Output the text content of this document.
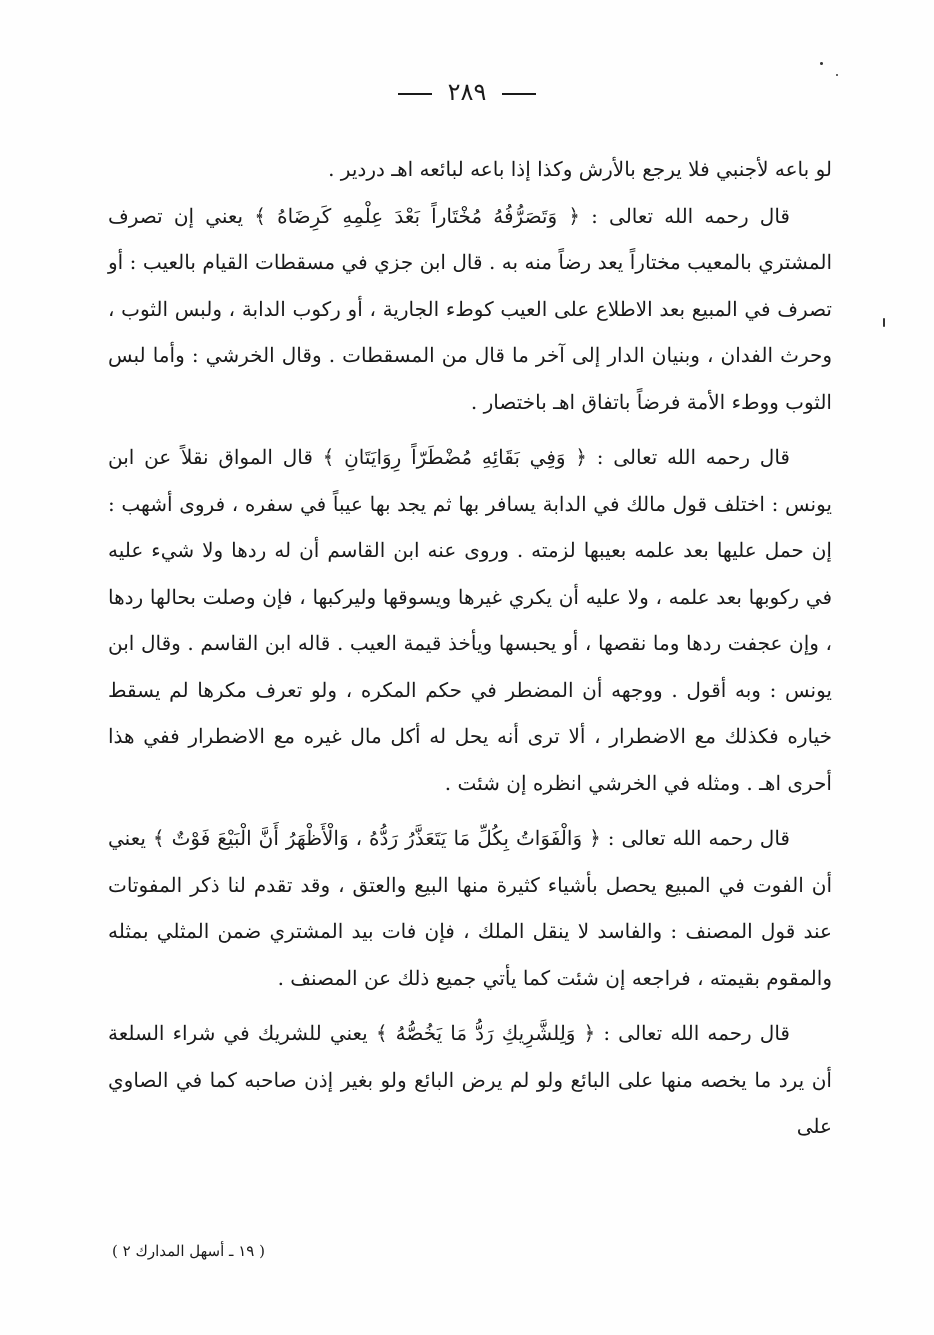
٢٨٩

لو باعه لأجنبي فلا يرجع بالأرش وكذا إذا باعه لبائعه اهـ دردير .

قال رحمه الله تعالى : ﴿ وَتَصَرُّفُهُ مُخْتَاراً بَعْدَ عِلْمِهِ كَرِضَاهُ ﴾ يعني إن تصرف المشتري بالمعيب مختاراً يعد رضاً منه به . قال ابن جزي في مسقطات القيام بالعيب : أو تصرف في المبيع بعد الاطلاع على العيب كوطء الجارية ، أو ركوب الدابة ، ولبس الثوب ، وحرث الفدان ، وبنيان الدار إلى آخر ما قال من المسقطات . وقال الخرشي : وأما لبس الثوب ووطء الأمة فرضاً باتفاق اهـ باختصار .

قال رحمه الله تعالى : ﴿ وَفِي بَقَائِهِ مُضْطَرّاً رِوَايَتَانِ ﴾ قال المواق نقلاً عن ابن يونس : اختلف قول مالك في الدابة يسافر بها ثم يجد بها عيباً في سفره ، فروى أشهب : إن حمل عليها بعد علمه بعيبها لزمته . وروى عنه ابن القاسم أن له ردها ولا شيء عليه في ركوبها بعد علمه ، ولا عليه أن يكري غيرها ويسوقها وليركبها ، فإن وصلت بحالها ردها ، وإن عجفت ردها وما نقصها ، أو يحبسها ويأخذ قيمة العيب . قاله ابن القاسم . وقال ابن يونس : وبه أقول . ووجهه أن المضطر في حكم المكره ، ولو تعرف مكرها لم يسقط خياره فكذلك مع الاضطرار ، ألا ترى أنه يحل له أكل مال غيره مع الاضطرار ففي هذا أحرى اهـ . ومثله في الخرشي انظره إن شئت .

قال رحمه الله تعالى : ﴿ وَالْفَوَاتُ بِكُلِّ مَا يَتَعَذَّرُ رَدُّهُ ، وَالْأَظْهَرُ أَنَّ الْبَيْعَ فَوْتٌ ﴾ يعني أن الفوت في المبيع يحصل بأشياء كثيرة منها البيع والعتق ، وقد تقدم لنا ذكر المفوتات عند قول المصنف : والفاسد لا ينقل الملك ، فإن فات بيد المشتري ضمن المثلي بمثله والمقوم بقيمته ، فراجعه إن شئت كما يأتي جميع ذلك عن المصنف .

قال رحمه الله تعالى : ﴿ وَلِلشَّرِيكِ رَدُّ مَا يَخُصُّهُ ﴾ يعني للشريك في شراء السلعة أن يرد ما يخصه منها على البائع ولو لم يرض البائع ولو بغير إذن صاحبه كما في الصاوي على

( ١٩ ـ أسهل المدارك ٢ )
